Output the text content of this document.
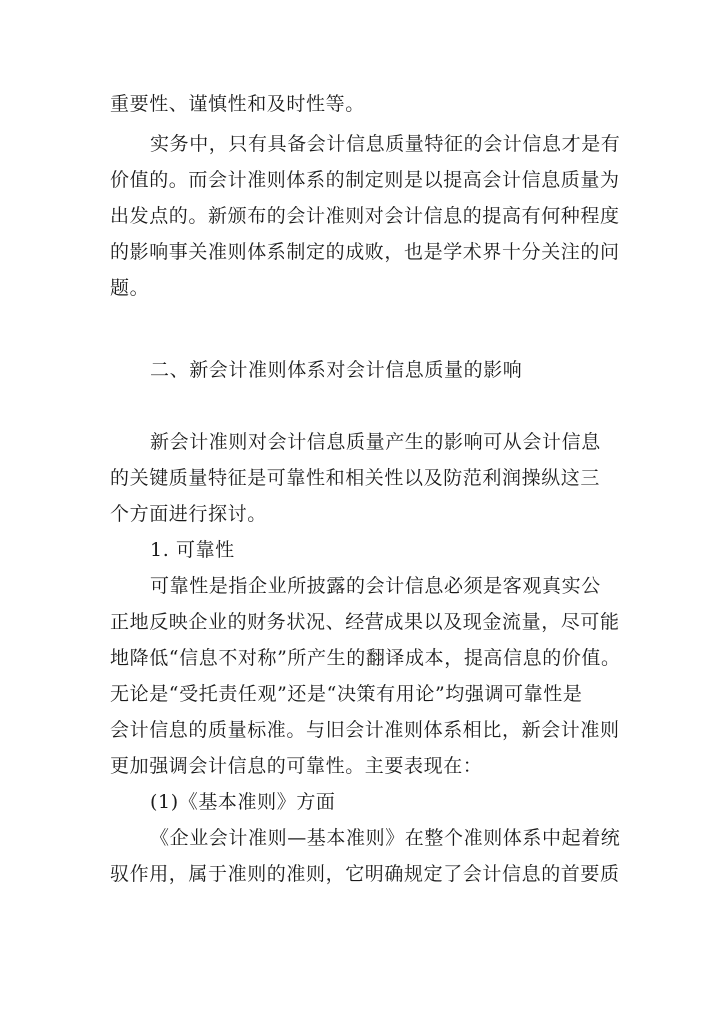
重要性、谨慎性和及时性等。
实务中，只有具备会计信息质量特征的会计信息才是有
价值的。而会计准则体系的制定则是以提高会计信息质量为
出发点的。新颁布的会计准则对会计信息的提高有何种程度
的影响事关准则体系制定的成败，也是学术界十分关注的问
题。
二、新会计准则体系对会计信息质量的影响
新会计准则对会计信息质量产生的影响可从会计信息
的关键质量特征是可靠性和相关性以及防范利润操纵这三
个方面进行探讨。
1. 可靠性
可靠性是指企业所披露的会计信息必须是客观真实公
正地反映企业的财务状况、经营成果以及现金流量，尽可能
地降低“信息不对称”所产生的翻译成本，提高信息的价值。
无论是“受托责任观”还是“决策有用论”均强调可靠性是
会计信息的质量标准。与旧会计准则体系相比，新会计准则
更加强调会计信息的可靠性。主要表现在：
(1)《基本准则》方面
《企业会计准则—基本准则》在整个准则体系中起着统
驭作用，属于准则的准则，它明确规定了会计信息的首要质
